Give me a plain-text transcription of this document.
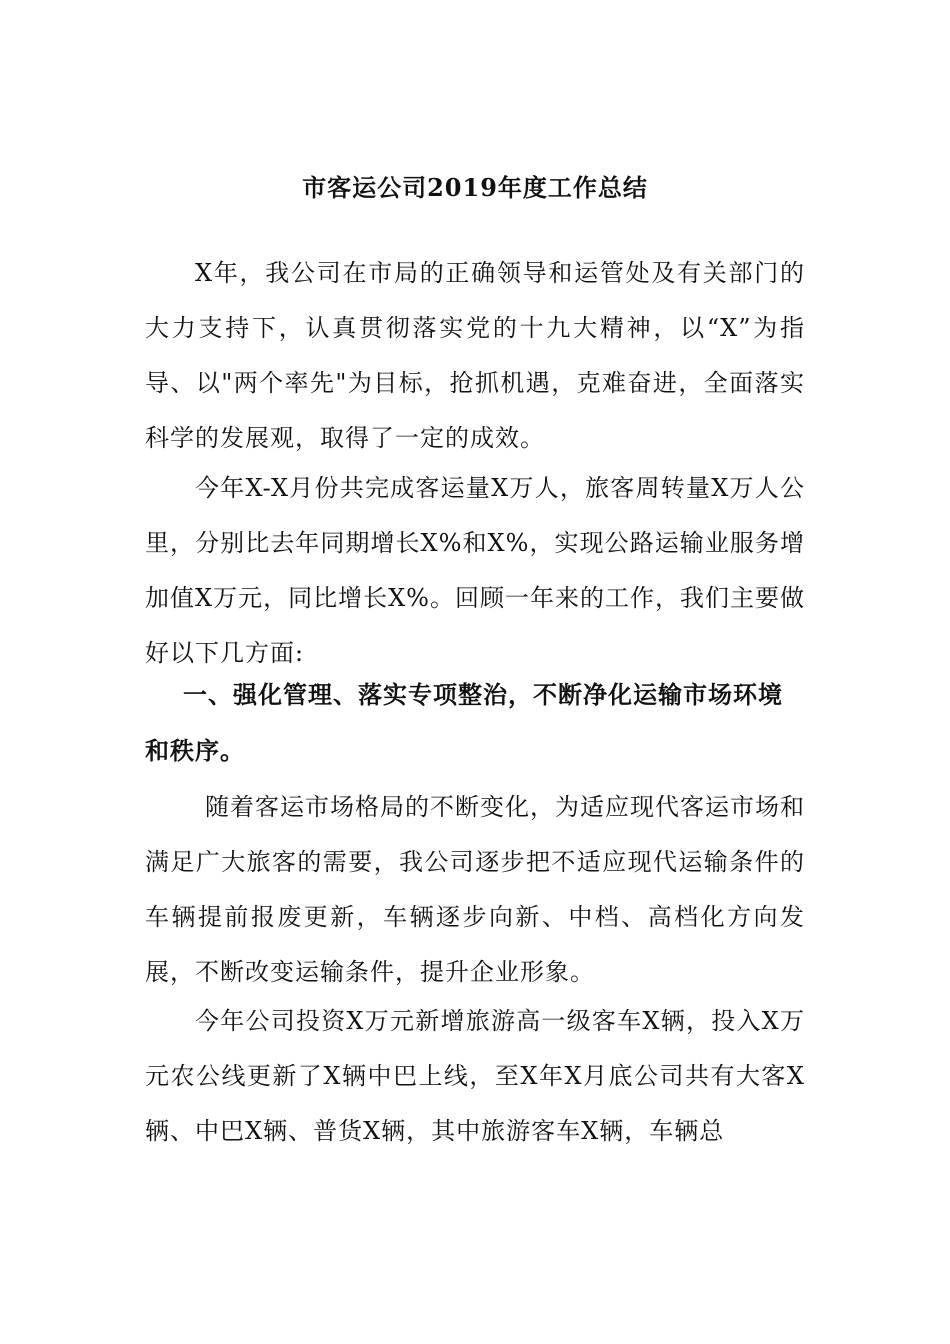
市客运公司2019年度工作总结
X年，我公司在市局的正确领导和运管处及有关部门的大力支持下，认真贯彻落实党的十九大精神，以“X”为指导、以"两个率先"为目标，抢抓机遇，克难奋进，全面落实科学的发展观，取得了一定的成效。
今年X-X月份共完成客运量X万人，旅客周转量X万人公里，分别比去年同期增长X%和X%，实现公路运输业服务增加值X万元，同比增长X%。回顾一年来的工作，我们主要做好以下几方面:
一、强化管理、落实专项整治，不断净化运输市场环境和秩序。
随着客运市场格局的不断变化，为适应现代客运市场和满足广大旅客的需要，我公司逐步把不适应现代运输条件的车辆提前报废更新，车辆逐步向新、中档、高档化方向发展，不断改变运输条件，提升企业形象。
今年公司投资X万元新增旅游高一级客车X辆，投入X万元农公线更新了X辆中巴上线，至X年X月底公司共有大客X辆、中巴X辆、普货X辆，其中旅游客车X辆，车辆总
